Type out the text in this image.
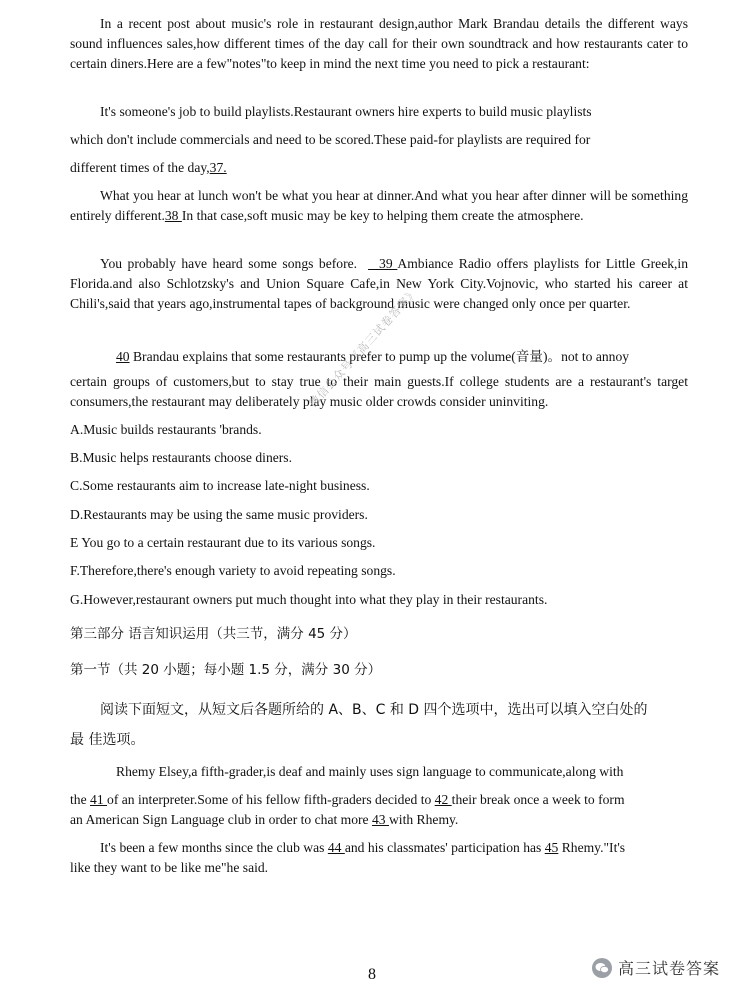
In a recent post about music's role in restaurant design,author Mark Brandau details the different ways sound influences sales,how different times of the day call for their own soundtrack and how restaurants cater to certain diners.Here are a few"notes"to keep in mind the next time you need to pick a restaurant:

It's someone's job to build playlists.Restaurant owners hire experts to build music playlists

which don't include commercials and need to be scored.These paid-for playlists are required for

different times of the day,37.

What you hear at lunch won't be what you hear at dinner.And what you hear after dinner will be something entirely different.38 In that case,soft music may be key to helping them create the atmosphere.

You probably have heard some songs before.    39 Ambiance Radio offers playlists for Little Greek,in Florida.and also Schlotzsky's and Union Square Cafe,in New York City.Vojnovic, who started his career at Chili's,said that years ago,instrumental tapes of background music were changed only once per quarter.

40 Brandau explains that some restaurants prefer to pump up the volume(音量)。not to annoy

certain groups of customers,but to stay true to their main guests.If college students are a restaurant's target consumers,the restaurant may deliberately play music older crowds consider uninviting.

A.Music builds restaurants 'brands.

B.Music helps restaurants choose diners.

C.Some restaurants aim to increase late-night business.

D.Restaurants may be using the same music providers.

E You go to a certain restaurant due to its various songs.

F.Therefore,there's enough variety to avoid repeating songs.

G.However,restaurant owners put much thought into what they play in their restaurants.

第三部分 语言知识运用（共三节，满分 45 分）

第一节（共 20 小题；每小题 1.5 分，满分 30 分）

阅读下面短文，从短文后各题所给的 A、B、C 和 D 四个选项中，选出可以填入空白处的

最 佳选项。

Rhemy Elsey,a fifth-grader,is deaf and mainly uses sign language to communicate,along with

the 41 of an interpreter.Some of his fellow fifth-graders decided to 42 their break once a week to form

an American Sign Language club in order to chat more 43 with Rhemy.

It's been a few months since the club was 44 and his classmates' participation has 45 Rhemy."It's

like they want to be like me"he said.

微信公众号《高三试卷答案》
8	高三试卷答案
